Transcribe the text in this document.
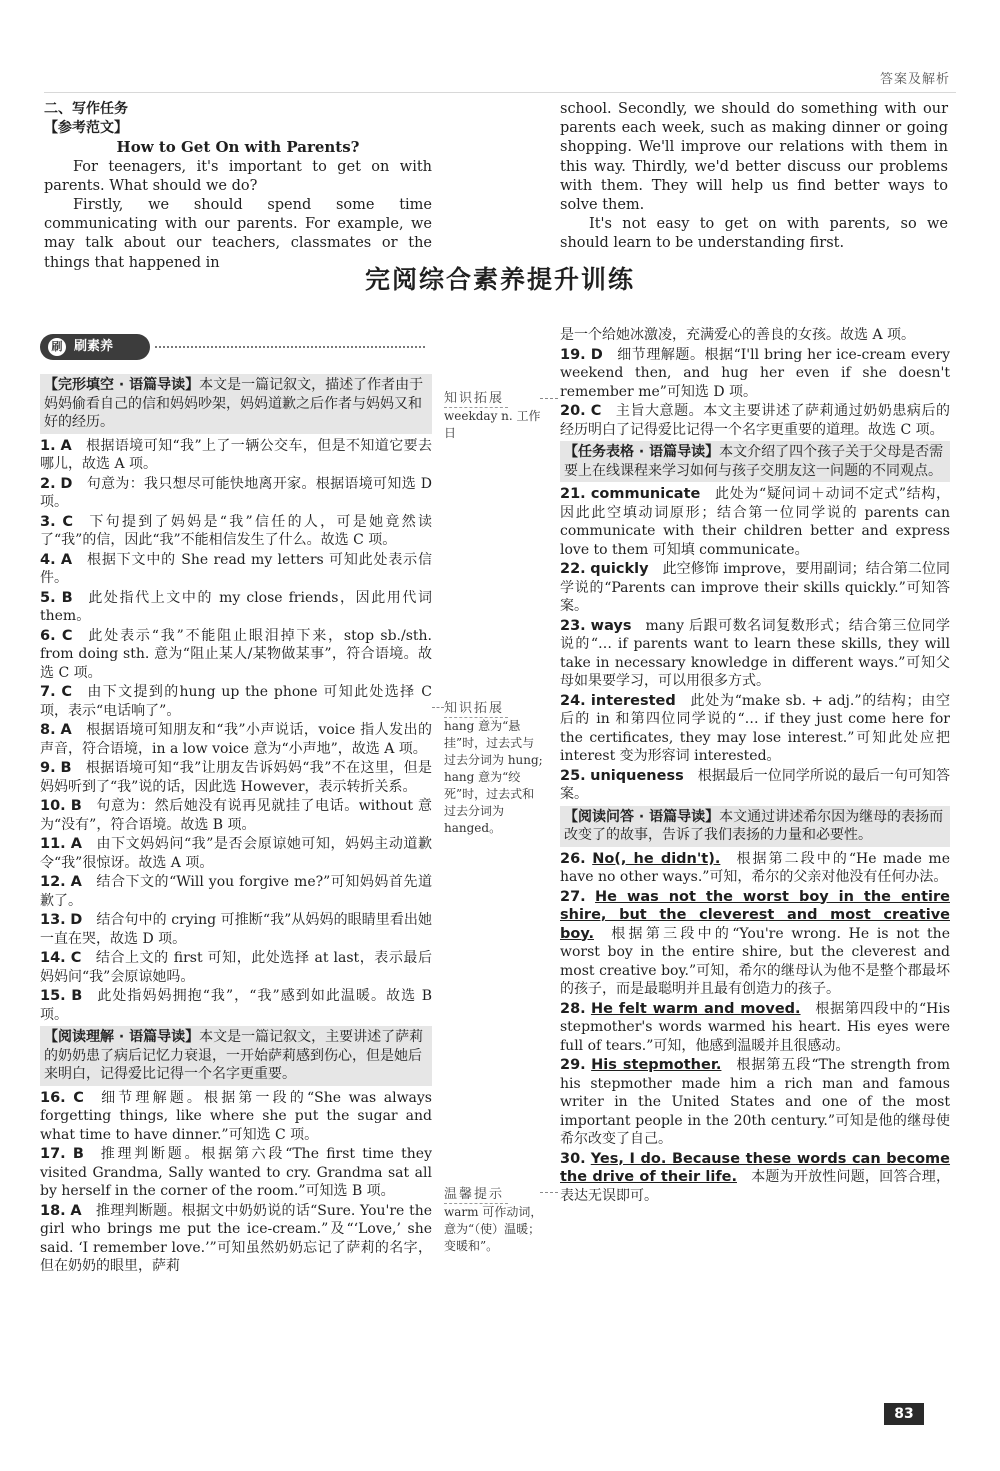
答案及解析
二、写作任务
【参考范文】
How to Get On with Parents?

For teenagers, it's important to get on with parents. What should we do?

Firstly, we should spend some time communicating with our parents. For example, we may talk about our teachers, classmates or the things that happened in

school. Secondly, we should do something with our parents each week, such as making dinner or going shopping. We'll improve our relations with them in this way. Thirdly, we'd better discuss our problems with them. They will help us find better ways to solve them.

It's not easy to get on with parents, so we should learn to be understanding first.

完阅综合素养提升训练
刷 刷素养
【完形填空 · 语篇导读】本文是一篇记叙文，描述了作者由于妈妈偷看自己的信和妈妈吵架，妈妈道歉之后作者与妈妈又和好的经历。

1. A  根据语境可知“我”上了一辆公交车，但是不知道它要去哪儿，故选 A 项。

2. D  句意为：我只想尽可能快地离开家。根据语境可知选 D 项。

3. C  下句提到了妈妈是“我”信任的人，可是她竟然读了“我”的信，因此“我”不能相信发生了什么。故选 C 项。

4. A  根据下文中的 She read my letters 可知此处表示信件。

5. B  此处指代上文中的 my close friends，因此用代词 them。

6. C  此处表示“我”不能阻止眼泪掉下来，stop sb./sth. from doing sth. 意为“阻止某人/某物做某事”，符合语境。故选 C 项。

7. C  由下文提到的hung up the phone 可知此处选择 C 项，表示“电话响了”。

8. A  根据语境可知朋友和“我”小声说话，voice 指人发出的声音，符合语境，in a low voice 意为“小声地”，故选 A 项。

9. B  根据语境可知“我”让朋友告诉妈妈“我”不在这里，但是妈妈听到了“我”说的话，因此选 However，表示转折关系。

10. B  句意为：然后她没有说再见就挂了电话。without 意为“没有”，符合语境。故选 B 项。

11. A  由下文妈妈问“我”是否会原谅她可知，妈妈主动道歉令“我”很惊讶。故选 A 项。

12. A  结合下文的“Will you forgive me?”可知妈妈首先道歉了。

13. D  结合句中的 crying 可推断“我”从妈妈的眼睛里看出她一直在哭，故选 D 项。

14. C  结合上文的 first 可知，此处选择 at last，表示最后妈妈问“我”会原谅她吗。

15. B  此处指妈妈拥抱“我”，“我”感到如此温暖。故选 B 项。

【阅读理解 · 语篇导读】本文是一篇记叙文，主要讲述了萨莉的奶奶患了病后记忆力衰退，一开始萨莉感到伤心，但是她后来明白，记得爱比记得一个名字更重要。

16. C  细节理解题。根据第一段的“She was always forgetting things, like where she put the sugar and what time to have dinner.”可知选 C 项。

17. B  推理判断题。根据第六段“The first time they visited Grandma, Sally wanted to cry. Grandma sat all by herself in the corner of the room.”可知选 B 项。

18. A  推理判断题。根据文中奶奶说的话“Sure. You're the girl who brings me put the ice-cream.”及“‘Love,’ she said. ‘I remember love.’”可知虽然奶奶忘记了萨莉的名字，但在奶奶的眼里，萨莉

是一个给她冰激凌，充满爱心的善良的女孩。故选 A 项。

19. D  细节理解题。根据“I'll bring her ice-cream every weekend then, and hug her even if she doesn't remember me”可知选 D 项。

20. C  主旨大意题。本文主要讲述了萨莉通过奶奶患病后的经历明白了记得爱比记得一个名字更重要的道理。故选 C 项。

【任务表格 · 语篇导读】本文介绍了四个孩子关于父母是否需要上在线课程来学习如何与孩子交朋友这一问题的不同观点。

21. communicate  此处为“疑问词＋动词不定式”结构，因此此空填动词原形；结合第一位同学说的 parents can communicate with their children better and express love to them 可知填 communicate。

22. quickly  此空修饰 improve，要用副词；结合第二位同学说的“Parents can improve their skills quickly.”可知答案。

23. ways  many 后跟可数名词复数形式；结合第三位同学说的“… if parents want to learn these skills, they will take in necessary knowledge in different ways.”可知父母如果要学习，可以用很多方式。

24. interested  此处为“make sb. + adj.”的结构；由空后的 in 和第四位同学说的“… if they just come here for the certificates, they may lose interest.”可知此处应把 interest 变为形容词 interested。

25. uniqueness  根据最后一位同学所说的最后一句可知答案。

【阅读问答 · 语篇导读】本文通过讲述希尔因为继母的表扬而改变了的故事，告诉了我们表扬的力量和必要性。

26. No(, he didn't).  根据第二段中的“He made me have no other ways.”可知，希尔的父亲对他没有任何办法。

27. He was not the worst boy in the entire shire, but the cleverest and most creative boy.  根据第三段中的“You're wrong. He is not the worst boy in the entire shire, but the cleverest and most creative boy.”可知，希尔的继母认为他不是整个郡最坏的孩子，而是最聪明并且最有创造力的孩子。

28. He felt warm and moved.  根据第四段中的“His stepmother's words warmed his heart. His eyes were full of tears.”可知，他感到温暖并且很感动。

29. His stepmother.  根据第五段“The strength from his stepmother made him a rich man and famous writer in the United States and one of the most important people in the 20th century.”可知是他的继母使希尔改变了自己。

30. Yes, I do. Because these words can become the drive of their life.  本题为开放性问题，回答合理，表达无误即可。

知识拓展
weekday n. 工作日
知识拓展
hang 意为“悬挂”时，过去式与过去分词为 hung; hang 意为“绞死”时，过去式和过去分词为 hanged。
温馨提示
warm 可作动词，意为“（使）温暖；变暖和”。
83
